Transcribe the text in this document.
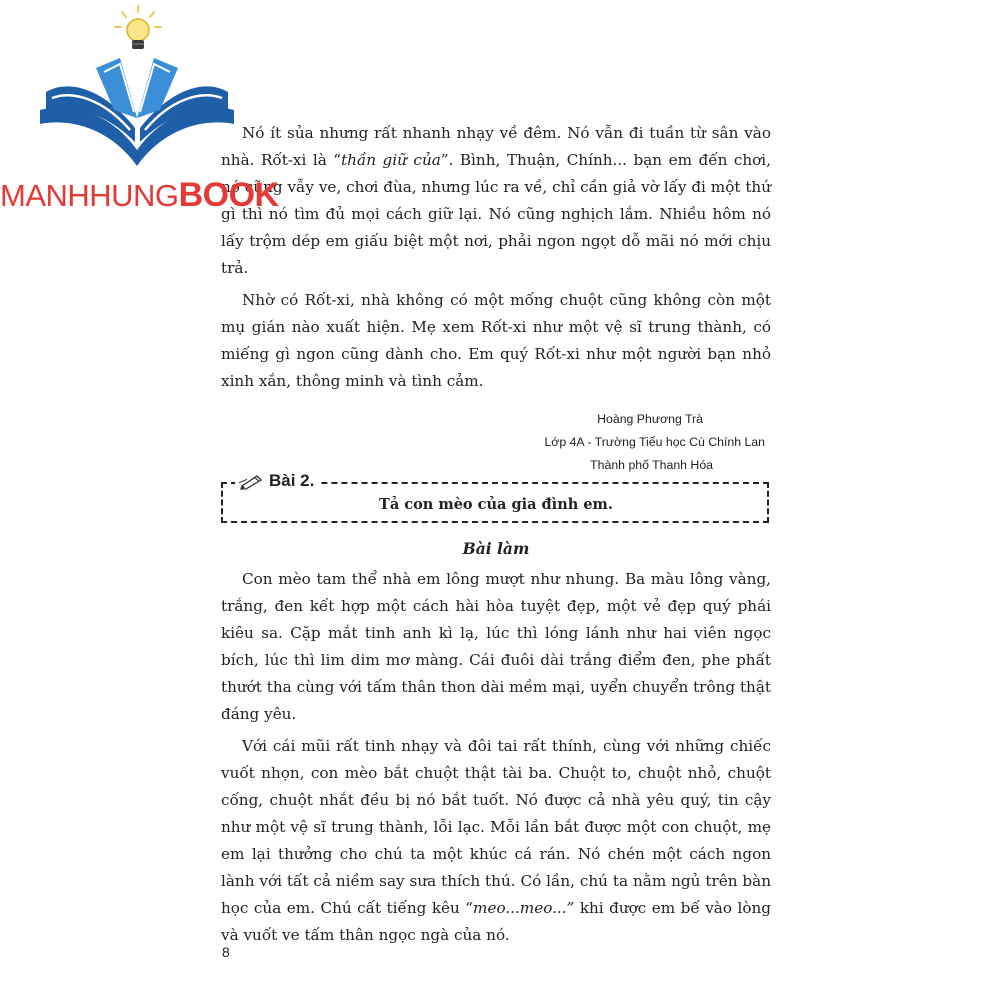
MANHHUNGBOOK

Nó ít sủa nhưng rất nhanh nhạy về đêm. Nó vẫn đi tuần từ sân vào nhà. Rốt-xi là “thần giữ của”. Bình, Thuận, Chính... bạn em đến chơi, nó cũng vẫy ve, chơi đùa, nhưng lúc ra về, chỉ cần giả vờ lấy đi một thứ gì thì nó tìm đủ mọi cách giữ lại. Nó cũng nghịch lắm. Nhiều hôm nó lấy trộm dép em giấu biệt một nơi, phải ngon ngọt dỗ mãi nó mới chịu trả.

Nhờ có Rốt-xi, nhà không có một mống chuột cũng không còn một mụ gián nào xuất hiện. Mẹ xem Rốt-xi như một vệ sĩ trung thành, có miếng gì ngon cũng dành cho. Em quý Rốt-xi như một người bạn nhỏ xinh xắn, thông minh và tình cảm.

Hoàng Phương Trà
Lớp 4A - Trường Tiểu học Cù Chính Lan
Thành phố Thanh Hóa
Bài 2.
Tả con mèo của gia đình em.
Bài làm

Con mèo tam thể nhà em lông mượt như nhung. Ba màu lông vàng, trắng, đen kết hợp một cách hài hòa tuyệt đẹp, một vẻ đẹp quý phái kiêu sa. Cặp mắt tinh anh kì lạ, lúc thì lóng lánh như hai viên ngọc bích, lúc thì lim dim mơ màng. Cái đuôi dài trắng điểm đen, phe phất thướt tha cùng với tấm thân thon dài mềm mại, uyển chuyển trông thật đáng yêu.

Với cái mũi rất tinh nhạy và đôi tai rất thính, cùng với những chiếc vuốt nhọn, con mèo bắt chuột thật tài ba. Chuột to, chuột nhỏ, chuột cống, chuột nhắt đều bị nó bắt tuốt. Nó được cả nhà yêu quý, tin cậy như một vệ sĩ trung thành, lỗi lạc. Mỗi lần bắt được một con chuột, mẹ em lại thưởng cho chú ta một khúc cá rán. Nó chén một cách ngon lành với tất cả niềm say sưa thích thú. Có lần, chú ta nằm ngủ trên bàn học của em. Chú cất tiếng kêu “meo...meo...” khi được em bế vào lòng và vuốt ve tấm thân ngọc ngà của nó.

8
